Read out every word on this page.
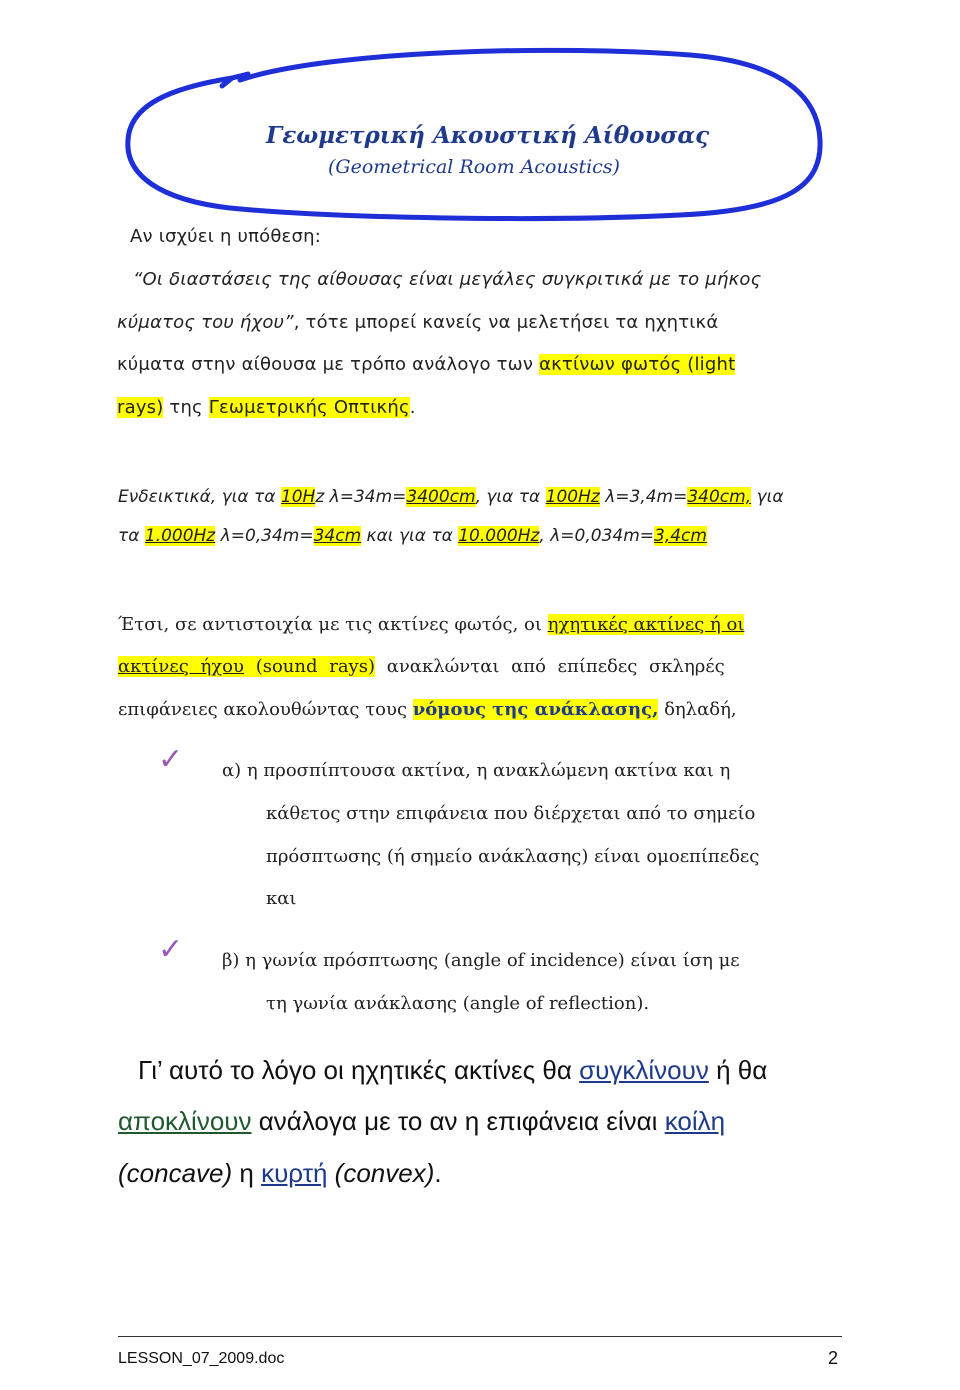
Γεωμετρική Ακουστική Αίθουσας
(Geometrical Room Acoustics)
Αν ισχύει η υπόθεση:
“Οι διαστάσεις της αίθουσας είναι μεγάλες συγκριτικά με το μήκος
κύματος του ήχου”, τότε μπορεί κανείς να μελετήσει τα ηχητικά
κύματα στην αίθουσα με τρόπο ανάλογο των ακτίνων φωτός (light
rays) της Γεωμετρικής Οπτικής.
Ενδεικτικά, για τα 10Hz λ=34m=3400cm, για τα 100Hz λ=3,4m=340cm, για
τα 1.000Hz λ=0,34m=34cm και για τα 10.000Hz, λ=0,034m=3,4cm
Έτσι, σε αντιστοιχία με τις ακτίνες φωτός, οι ηχητικές ακτίνες ή οι
ακτίνες ήχου (sound rays) ανακλώνται από επίπεδες σκληρές
επιφάνειες ακολουθώντας τους νόμους της ανάκλασης, δηλαδή,
✓ α) η προσπίπτουσα ακτίνα, η ανακλώμενη ακτίνα και η
κάθετος στην επιφάνεια που διέρχεται από το σημείο
πρόσπτωσης (ή σημείο ανάκλασης) είναι ομοεπίπεδες
και
✓ β) η γωνία πρόσπτωσης (angle of incidence) είναι ίση με
τη γωνία ανάκλασης (angle of reflection).
Γι’ αυτό το λόγο οι ηχητικές ακτίνες θα συγκλίνουν ή θα
αποκλίνουν ανάλογα με το αν η επιφάνεια είναι κοίλη
(concave) η κυρτή (convex).
LESSON_07_2009.doc	2
